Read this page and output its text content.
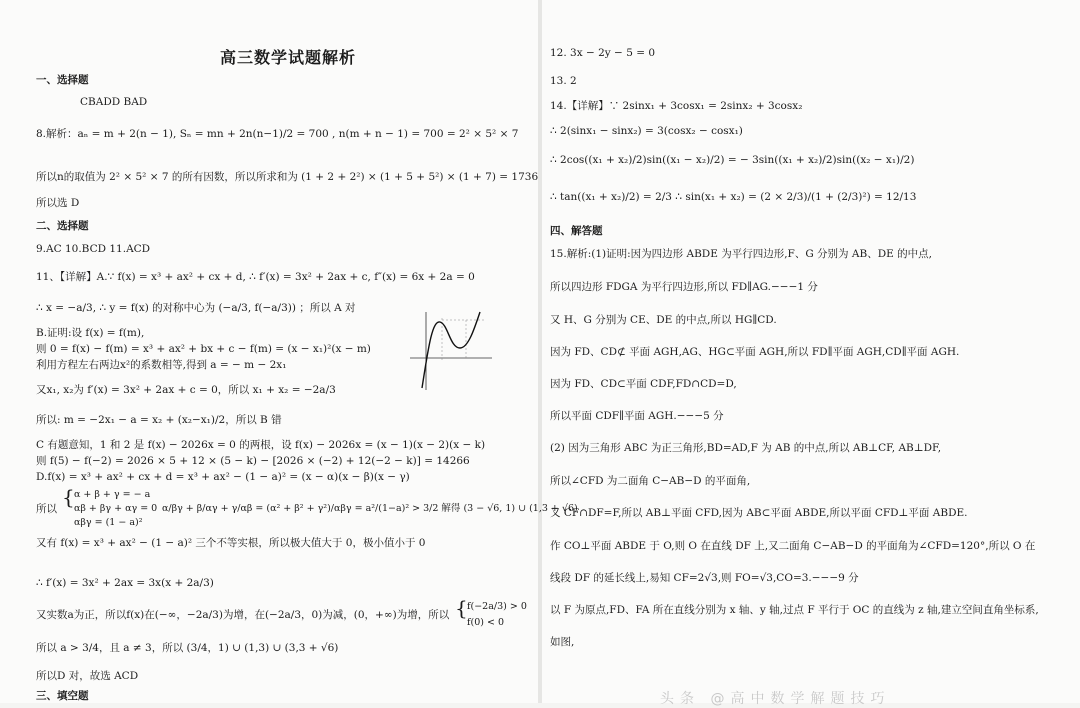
高三数学试题解析
一、选择题
CBADD BAD
8.解析：aₙ = m + 2(n − 1), Sₙ = mn + 2n(n−1)/2 = 700 , n(m + n − 1) = 700 = 2² × 5² × 7
所以n的取值为 2² × 5² × 7 的所有因数，所以所求和为 (1 + 2 + 2²) × (1 + 5 + 5²) × (1 + 7) = 1736
所以选 D
二、选择题
9.AC 10.BCD 11.ACD
11、【详解】A.∵ f(x) = x³ + ax² + cx + d, ∴ f′(x) = 3x² + 2ax + c, f″(x) = 6x + 2a = 0
∴ x = −a/3, ∴ y = f(x) 的对称中心为 (−a/3, f(−a/3)) ；所以 A 对
B.证明:设 f(x) = f(m),
则 0 = f(x) − f(m) = x³ + ax² + bx + c − f(m) = (x − x₁)²(x − m)
利用方程左右两边x²的系数相等,得到 a = − m − 2x₁
又x₁, x₂为 f′(x) = 3x² + 2ax + c = 0，所以 x₁ + x₂ = −2a/3
所以: m = −2x₁ − a = x₂ + (x₂−x₁)/2，所以 B 错
C 有题意知，1 和 2 是 f(x) − 2026x = 0 的两根，设 f(x) − 2026x = (x − 1)(x − 2)(x − k)
则 f(5) − f(−2) = 2026 × 5 + 12 × (5 − k) − [2026 × (−2) + 12(−2 − k)] = 14266
D.f(x) = x³ + ax² + cx + d = x³ + ax² − (1 − a)² = (x − α)(x − β)(x − γ)
所以 { α + β + γ = − a
αβ + βγ + αγ = 0
αβγ = (1 − a)²
α/βγ + β/αγ + γ/αβ = (α² + β² + γ²)/αβγ = a²/(1−a)² > 3/2 解得 (3 − √6, 1) ∪ (1,3 + √6)
又有 f(x) = x³ + ax² − (1 − a)² 三个不等实根，所以极大值大于 0，极小值小于 0
∴ f′(x) = 3x² + 2ax = 3x(x + 2a/3)
又实数a为正，所以f(x)在(−∞，−2a/3)为增，在(−2a/3，0)为减，(0，+∞)为增，所以 { f(−2a/3) > 0
f(0) < 0
所以 a > 3/4，且 a ≠ 3，所以 (3/4，1) ∪ (1,3) ∪ (3,3 + √6)
所以D 对，故选 ACD
三、填空题
12. 3x − 2y − 5 = 0
13. 2
14.【详解】∵ 2sinx₁ + 3cosx₁ = 2sinx₂ + 3cosx₂
∴ 2(sinx₁ − sinx₂) = 3(cosx₂ − cosx₁)
∴ 2cos((x₁ + x₂)/2)sin((x₁ − x₂)/2) = − 3sin((x₁ + x₂)/2)sin((x₂ − x₁)/2)
∴ tan((x₁ + x₂)/2) = 2/3 ∴ sin(x₁ + x₂) = (2 × 2/3)/(1 + (2/3)²) = 12/13
四、解答题
15.解析:(1)证明:因为四边形 ABDE 为平行四边形,F、G 分别为 AB、DE 的中点,
所以四边形 FDGA 为平行四边形,所以 FD∥AG.−−−1 分
又 H、G 分别为 CE、DE 的中点,所以 HG∥CD.
因为 FD、CD⊄ 平面 AGH,AG、HG⊂平面 AGH,所以 FD∥平面 AGH,CD∥平面 AGH.
因为 FD、CD⊂平面 CDF,FD∩CD=D,
所以平面 CDF∥平面 AGH.−−−5 分
(2) 因为三角形 ABC 为正三角形,BD=AD,F 为 AB 的中点,所以 AB⊥CF, AB⊥DF,
所以∠CFD 为二面角 C−AB−D 的平面角,
又 CF∩DF=F,所以 AB⊥平面 CFD,因为 AB⊂平面 ABDE,所以平面 CFD⊥平面 ABDE.
作 CO⊥平面 ABDE 于 O,则 O 在直线 DF 上,又二面角 C−AB−D 的平面角为∠CFD=120°,所以 O 在
线段 DF 的延长线上,易知 CF=2√3,则 FO=√3,CO=3.−−−9 分
以 F 为原点,FD、FA 所在直线分别为 x 轴、y 轴,过点 F 平行于 OC 的直线为 z 轴,建立空间直角坐标系,
如图,
头条 @高中数学解题技巧
